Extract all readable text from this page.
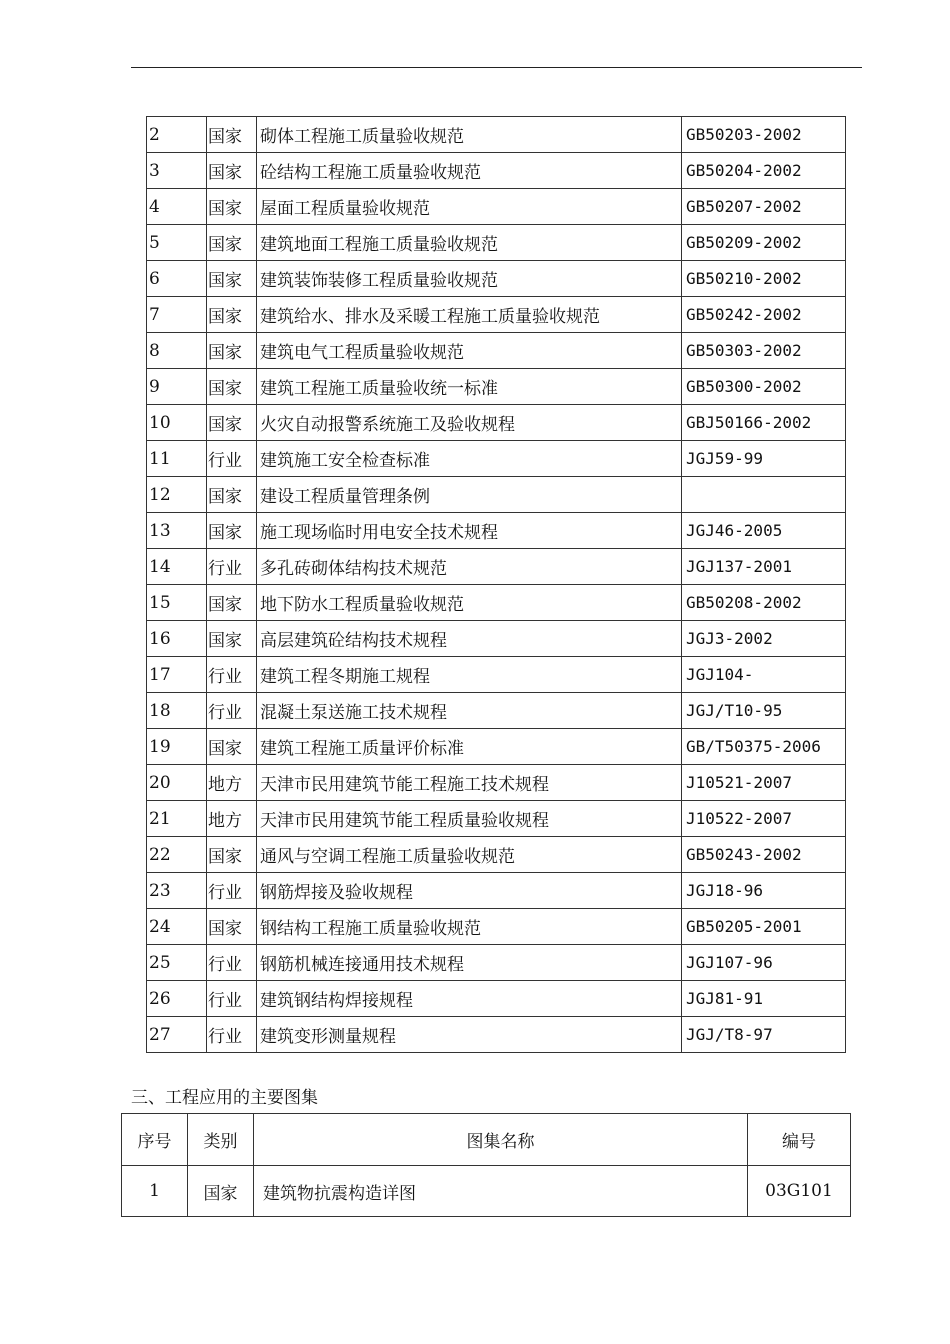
2	国家	砌体工程施工质量验收规范	GB50203-2002
3	国家	砼结构工程施工质量验收规范	GB50204-2002
4	国家	屋面工程质量验收规范	GB50207-2002
5	国家	建筑地面工程施工质量验收规范	GB50209-2002
6	国家	建筑装饰装修工程质量验收规范	GB50210-2002
7	国家	建筑给水、排水及采暖工程施工质量验收规范	GB50242-2002
8	国家	建筑电气工程质量验收规范	GB50303-2002
9	国家	建筑工程施工质量验收统一标准	GB50300-2002
10	国家	火灾自动报警系统施工及验收规程	GBJ50166-2002
11	行业	建筑施工安全检查标准	JGJ59-99
12	国家	建设工程质量管理条例	
13	国家	施工现场临时用电安全技术规程	JGJ46-2005
14	行业	多孔砖砌体结构技术规范	JGJ137-2001
15	国家	地下防水工程质量验收规范	GB50208-2002
16	国家	高层建筑砼结构技术规程	JGJ3-2002
17	行业	建筑工程冬期施工规程	JGJ104-
18	行业	混凝土泵送施工技术规程	JGJ/T10-95
19	国家	建筑工程施工质量评价标准	GB/T50375-2006
20	地方	天津市民用建筑节能工程施工技术规程	J10521-2007
21	地方	天津市民用建筑节能工程质量验收规程	J10522-2007
22	国家	通风与空调工程施工质量验收规范	GB50243-2002
23	行业	钢筋焊接及验收规程	JGJ18-96
24	国家	钢结构工程施工质量验收规范	GB50205-2001
25	行业	钢筋机械连接通用技术规程	JGJ107-96
26	行业	建筑钢结构焊接规程	JGJ81-91
27	行业	建筑变形测量规程	JGJ/T8-97
三、工程应用的主要图集
序号	类别	图集名称	编号
1	国家	建筑物抗震构造详图	03G101
